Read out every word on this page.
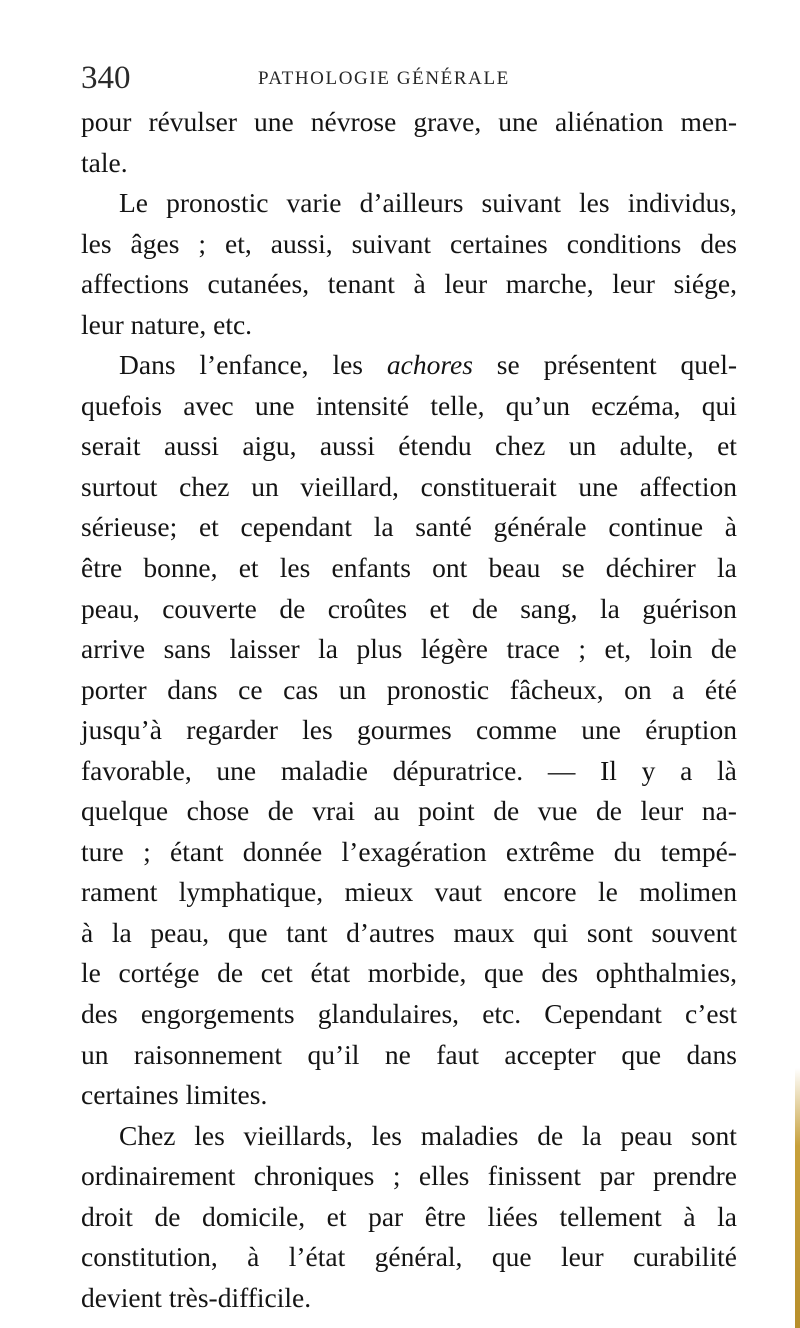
340	PATHOLOGIE GÉNÉRALE
pour révulser une névrose grave, une aliénation men-
tale.
Le pronostic varie d’ailleurs suivant les individus,
les âges ; et, aussi, suivant certaines conditions des
affections cutanées, tenant à leur marche, leur siége,
leur nature, etc.
Dans l’enfance, les achores se présentent quel-
quefois avec une intensité telle, qu’un eczéma, qui
serait aussi aigu, aussi étendu chez un adulte, et
surtout chez un vieillard, constituerait une affection
sérieuse; et cependant la santé générale continue à
être bonne, et les enfants ont beau se déchirer la
peau, couverte de croûtes et de sang, la guérison
arrive sans laisser la plus légère trace ; et, loin de
porter dans ce cas un pronostic fâcheux, on a été
jusqu’à regarder les gourmes comme une éruption
favorable, une maladie dépuratrice. — Il y a là
quelque chose de vrai au point de vue de leur na-
ture ; étant donnée l’exagération extrême du tempé-
rament lymphatique, mieux vaut encore le molimen
à la peau, que tant d’autres maux qui sont souvent
le cortége de cet état morbide, que des ophthalmies,
des engorgements glandulaires, etc. Cependant c’est
un raisonnement qu’il ne faut accepter que dans
certaines limites.
Chez les vieillards, les maladies de la peau sont
ordinairement chroniques ; elles finissent par prendre
droit de domicile, et par être liées tellement à la
constitution, à l’état général, que leur curabilité
devient très-difficile.
